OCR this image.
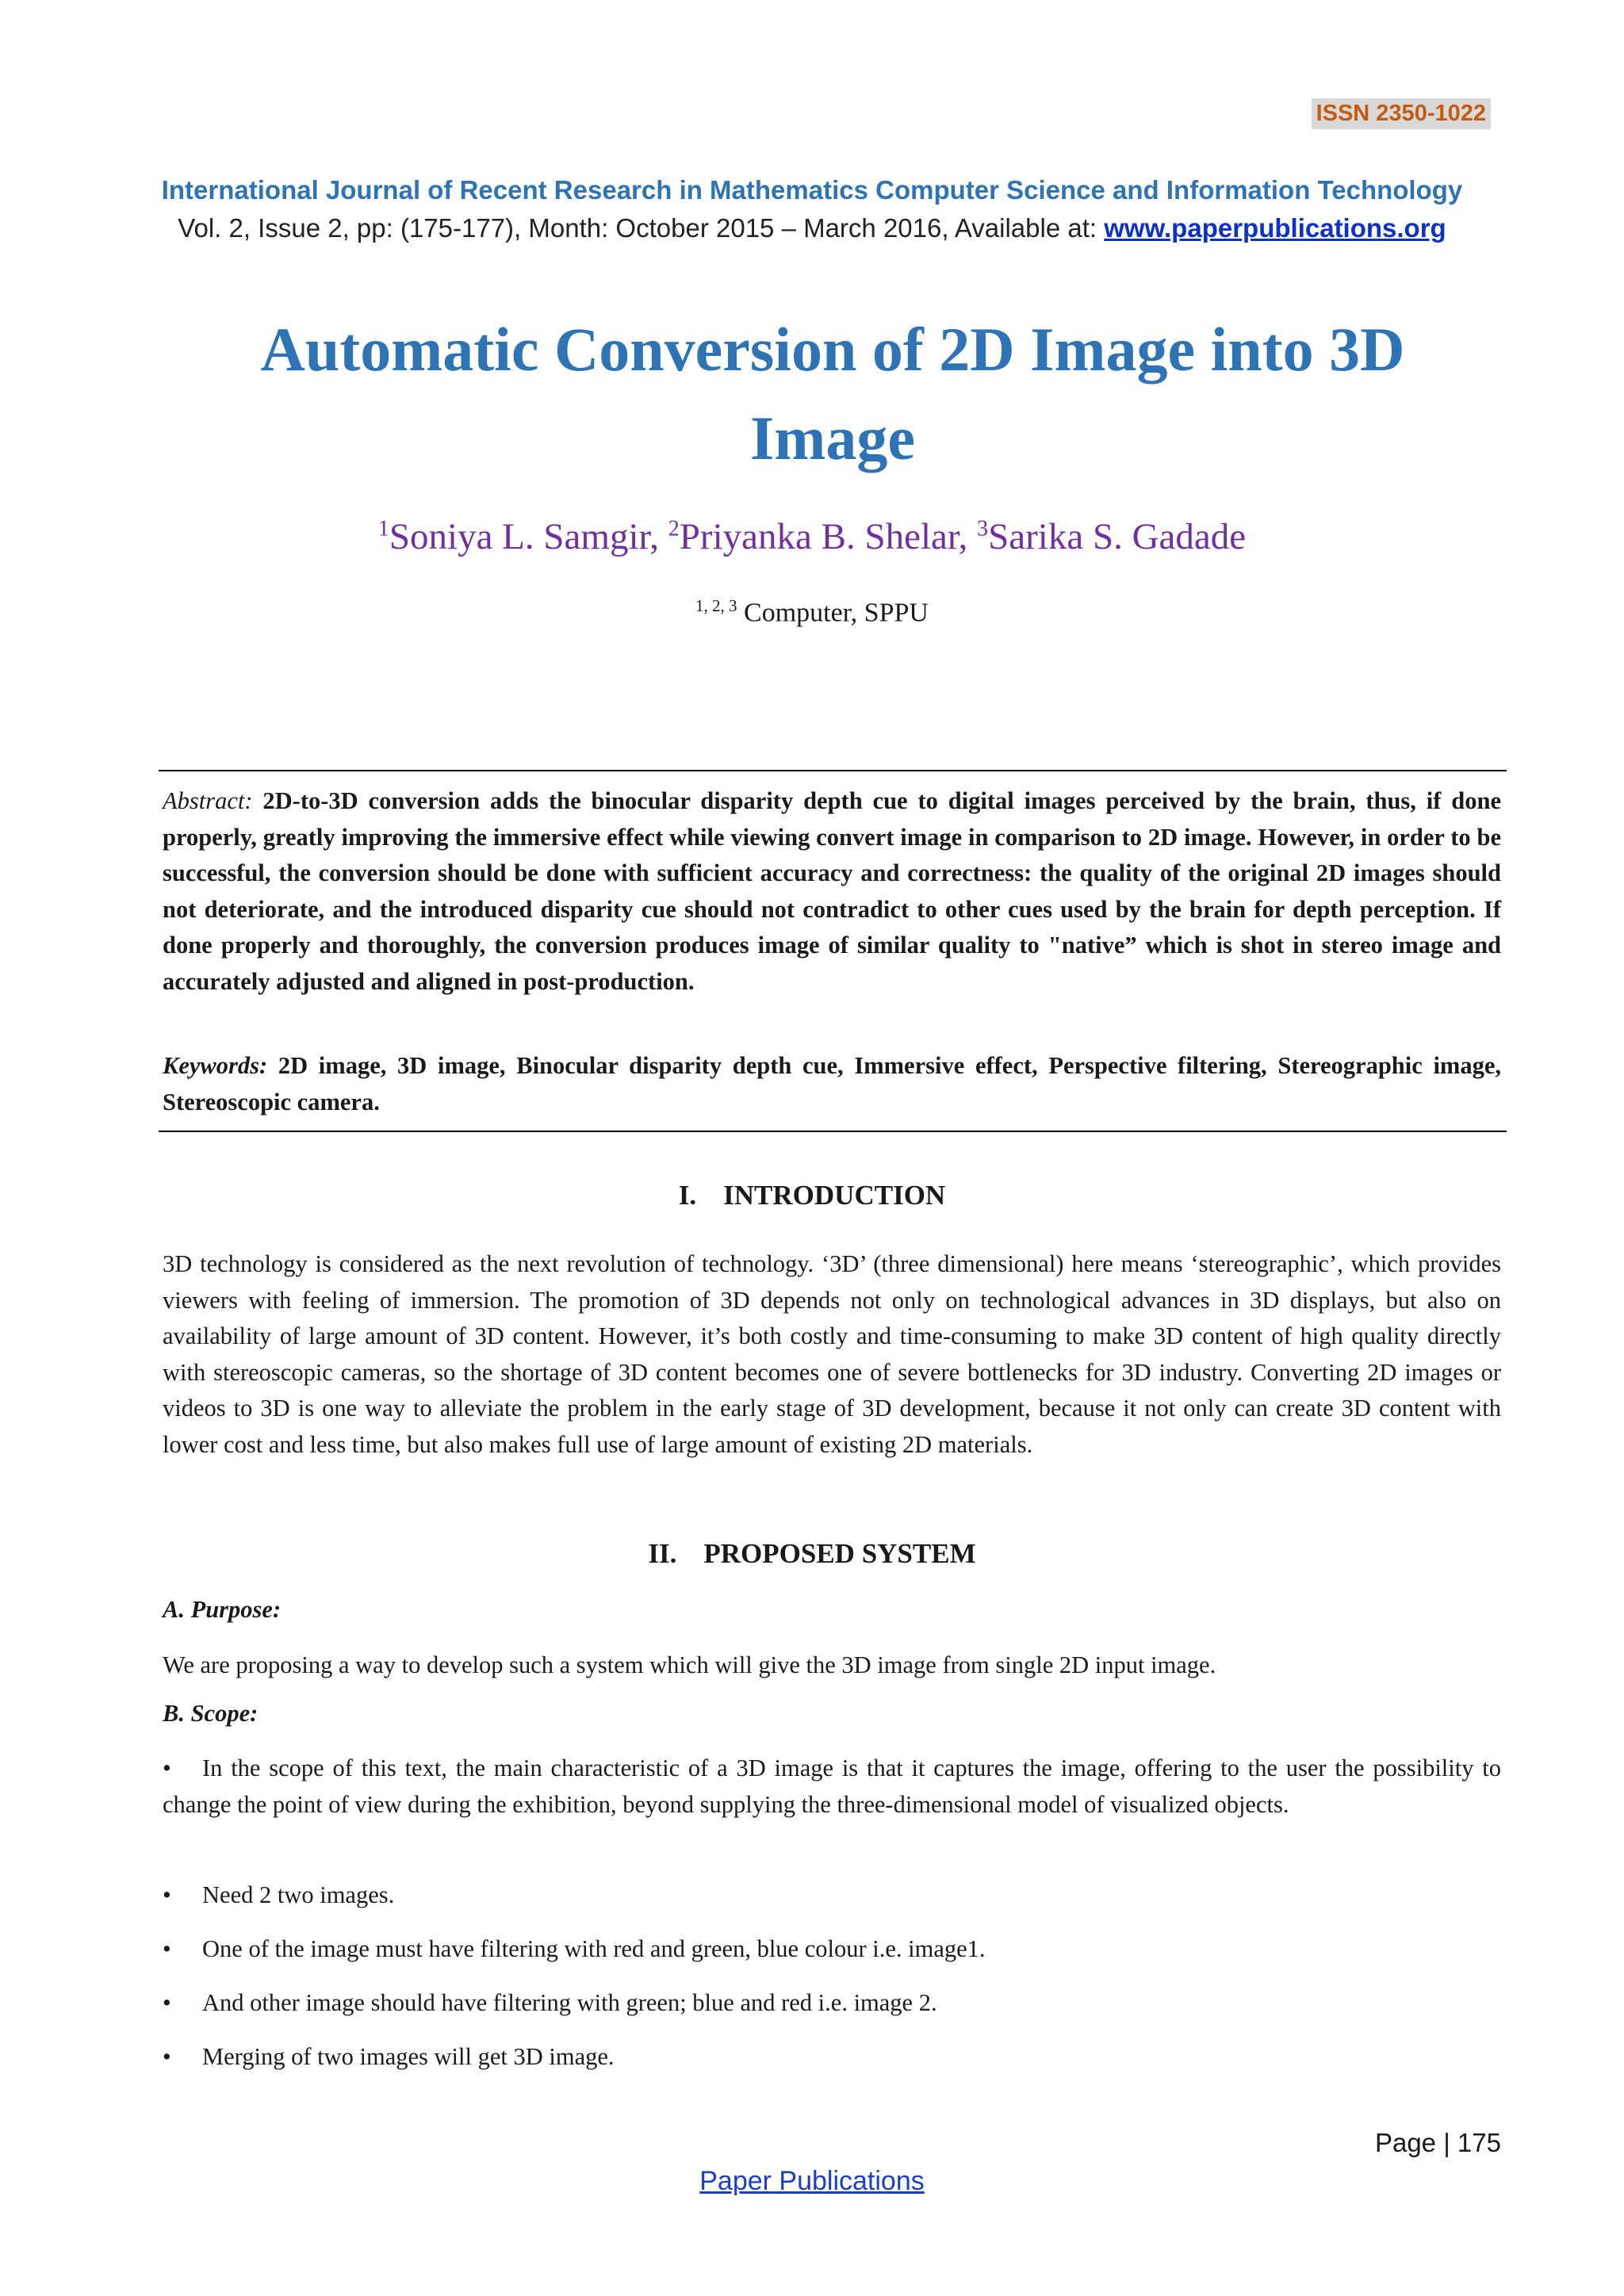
ISSN 2350-1022
International Journal of Recent Research in Mathematics Computer Science and Information Technology
Vol. 2, Issue 2, pp: (175-177), Month: October 2015 – March 2016, Available at: www.paperpublications.org
Automatic Conversion of 2D Image into 3D Image
$^1$Soniya L. Samgir, $^2$Priyanka B. Shelar, $^3$Sarika S. Gadade
$^{1, 2, 3}$ Computer, SPPU

Abstract: 2D-to-3D conversion adds the binocular disparity depth cue to digital images perceived by the brain, thus, if done properly, greatly improving the immersive effect while viewing convert image in comparison to 2D image. However, in order to be successful, the conversion should be done with sufficient accuracy and correctness: the quality of the original 2D images should not deteriorate, and the introduced disparity cue should not contradict to other cues used by the brain for depth perception. If done properly and thoroughly, the conversion produces image of similar quality to "native” which is shot in stereo image and accurately adjusted and aligned in post-production.

Keywords: 2D image, 3D image, Binocular disparity depth cue, Immersive effect, Perspective filtering, Stereographic image, Stereoscopic camera.

I. INTRODUCTION

3D technology is considered as the next revolution of technology. ‘3D’ (three dimensional) here means ‘stereographic’, which provides viewers with feeling of immersion. The promotion of 3D depends not only on technological advances in 3D displays, but also on availability of large amount of 3D content. However, it’s both costly and time-consuming to make 3D content of high quality directly with stereoscopic cameras, so the shortage of 3D content becomes one of severe bottlenecks for 3D industry. Converting 2D images or videos to 3D is one way to alleviate the problem in the early stage of 3D development, because it not only can create 3D content with lower cost and less time, but also makes full use of large amount of existing 2D materials.

II. PROPOSED SYSTEM

A. Purpose:

We are proposing a way to develop such a system which will give the 3D image from single 2D input image.

B. Scope:

• In the scope of this text, the main characteristic of a 3D image is that it captures the image, offering to the user the possibility to change the point of view during the exhibition, beyond supplying the three-dimensional model of visualized objects.
• Need 2 two images.
• One of the image must have filtering with red and green, blue colour i.e. image1.
• And other image should have filtering with green; blue and red i.e. image 2.
• Merging of two images will get 3D image.
Page | 175
Paper Publications
